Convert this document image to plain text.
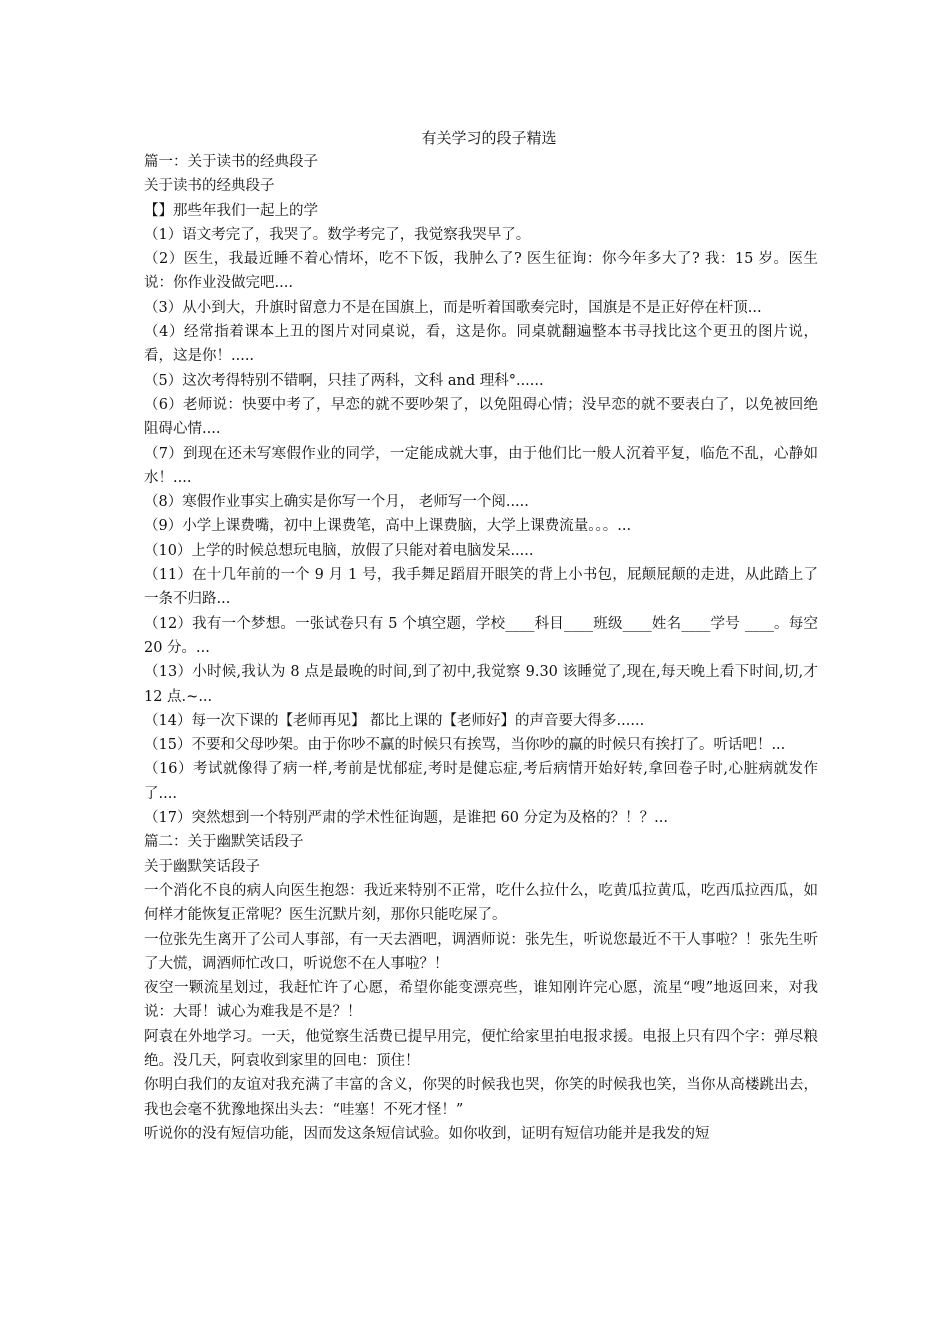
有关学习的段子精选

篇一：关于读书的经典段子

关于读书的经典段子

【】那些年我们一起上的学

（1）语文考完了，我哭了。数学考完了，我觉察我哭早了。

（2）医生，我最近睡不着心情坏，吃不下饭，我肿么了? 医生征询：你今年多大了? 我：15 岁。医生说：你作业没做完吧....

（3）从小到大，升旗时留意力不是在国旗上，而是听着国歌奏完时，国旗是不是正好停在杆顶...

（4）经常指着课本上丑的图片对同桌说，看，这是你。同桌就翻遍整本书寻找比这个更丑的图片说，看，这是你！.....

（5）这次考得特别不错啊，只挂了两科，文科 and 理科°......

（6）老师说：快要中考了，早恋的就不要吵架了，以免阻碍心情；没早恋的就不要表白了，以免被回绝阻碍心情....

（7）到现在还未写寒假作业的同学，一定能成就大事，由于他们比一般人沉着平复，临危不乱，心静如水！....

（8）寒假作业事实上确实是你写一个月， 老师写一个阅.....

（9）小学上课费嘴，初中上课费笔，高中上课费脑，大学上课费流量。。。...

（10）上学的时候总想玩电脑，放假了只能对着电脑发呆.....

（11）在十几年前的一个 9 月 1 号，我手舞足蹈眉开眼笑的背上小书包，屁颠屁颠的走进，从此踏上了一条不归路...

（12）我有一个梦想。一张试卷只有 5 个填空题，学校____科目____班级____姓名____学号 ____。每空 20 分。...

（13）小时候,我认为 8 点是最晚的时间,到了初中,我觉察 9.30 该睡觉了,现在,每天晚上看下时间,切,才 12 点.~...

（14）每一次下课的【老师再见】 都比上课的【老师好】的声音要大得多......

（15）不要和父母吵架。由于你吵不赢的时候只有挨骂，当你吵的赢的时候只有挨打了。听话吧！...

（16）考试就像得了病一样,考前是忧郁症,考时是健忘症,考后病情开始好转,拿回卷子时,心脏病就发作了....

（17）突然想到一个特别严肃的学术性征询题，是谁把 60 分定为及格的？！？...

篇二：关于幽默笑话段子

关于幽默笑话段子

一个消化不良的病人向医生抱怨：我近来特别不正常，吃什么拉什么，吃黄瓜拉黄瓜，吃西瓜拉西瓜，如何样才能恢复正常呢？医生沉默片刻，那你只能吃屎了。

一位张先生离开了公司人事部，有一天去酒吧，调酒师说：张先生，听说您最近不干人事啦？！张先生听了大慌，调酒师忙改口，听说您不在人事啦？！

夜空一颗流星划过，我赶忙许了心愿，希望你能变漂亮些，谁知刚许完心愿，流星“嗖”地返回来，对我说：大哥！诚心为难我是不是？！

阿袁在外地学习。一天，他觉察生活费已提早用完，便忙给家里拍电报求援。电报上只有四个字：弹尽粮绝。没几天，阿袁收到家里的回电：顶住！

你明白我们的友谊对我充满了丰富的含义，你哭的时候我也哭，你笑的时候我也笑，当你从高楼跳出去，我也会毫不犹豫地探出头去：“哇塞！不死才怪！”

听说你的没有短信功能，因而发这条短信试验。如你收到，证明有短信功能并是我发的短
